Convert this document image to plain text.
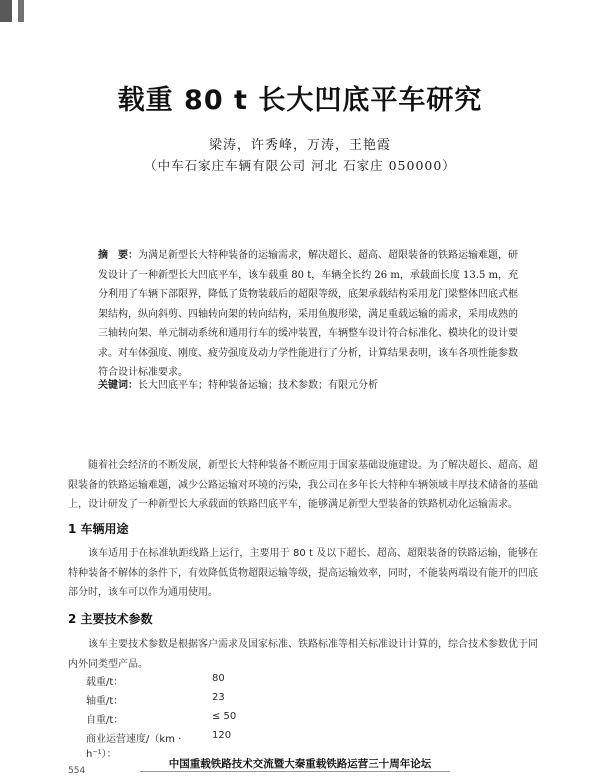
载重 80 t 长大凹底平车研究
梁涛，许秀峰，万涛，王艳霞
（中车石家庄车辆有限公司 河北 石家庄 050000）
摘　要：为满足新型长大特种装备的运输需求，解决超长、超高、超限装备的铁路运输难题，研发设计了一种新型长大凹底平车，该车载重 80 t，车辆全长约 26 m，承载面长度 13.5 m，充分利用了车辆下部限界，降低了货物装载后的超限等级，底架承载结构采用龙门梁整体凹底式框架结构，纵向斜剪、四轴转向架的转向结构，采用鱼腹形梁，满足重载运输的需求，采用成熟的三轴转向架、单元制动系统和通用行车的缓冲装置，车辆整车设计符合标准化、模块化的设计要求。对车体强度、刚度、疲劳强度及动力学性能进行了分析，计算结果表明，该车各项性能参数符合设计标准要求。
关键词：长大凹底平车；特种装备运输；技术参数；有限元分析
随着社会经济的不断发展，新型长大特种装备不断应用于国家基础设施建设。为了解决超长、超高、超限装备的铁路运输难题，减少公路运输对环境的污染，我公司在多年长大特种车辆领域丰厚技术储备的基础上，设计研发了一种新型长大承载面的铁路凹底平车，能够满足新型大型装备的铁路机动化运输需求。
1 车辆用途
该车适用于在标准轨距线路上运行，主要用于 80 t 及以下超长、超高、超限装备的铁路运输，能够在特种装备不解体的条件下，有效降低货物超限运输等级，提高运输效率，同时，不能装两端设有能开的凹底部分时，该车可以作为通用使用。
2 主要技术参数
该车主要技术参数是根据客户需求及国家标准、铁路标准等相关标准设计计算的，综合技术参数优于同内外同类型产品。
载重/t：	80
轴重/t：	23
自重/t：	≤ 50
商业运营速度/（km · h⁻¹）：
120
中国重载铁路技术交流暨大秦重载铁路运营三十周年论坛
554
